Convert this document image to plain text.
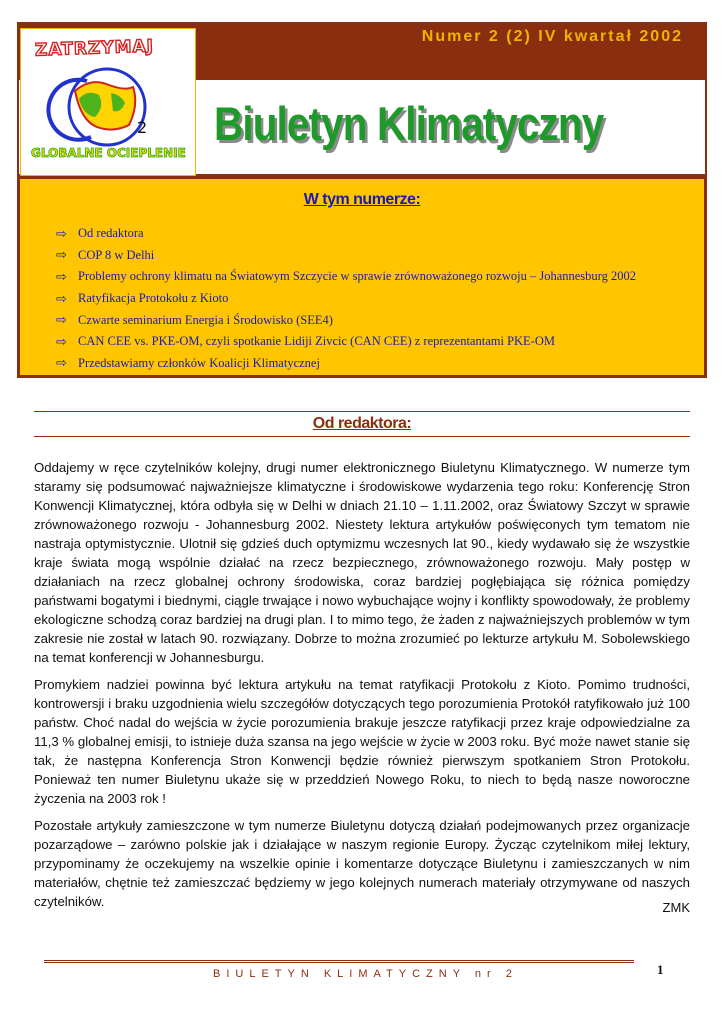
Numer 2 (2) IV kwartał 2002
ZATRZYMAJ
2
GLOBALNE OCIEPLENIE
Biuletyn Klimatyczny
W tym numerze:
⇨ Od redaktora
⇨ COP 8 w Delhi
⇨ Problemy ochrony klimatu na Światowym Szczycie w sprawie zrównoważonego rozwoju – Johannesburg 2002
⇨ Ratyfikacja Protokołu z Kioto
⇨ Czwarte seminarium Energia i Środowisko (SEE4)
⇨ CAN CEE vs. PKE-OM, czyli spotkanie Lidiji Zivcic (CAN CEE) z reprezentantami PKE-OM
⇨ Przedstawiamy członków Koalicji Klimatycznej
Od redaktora:

Oddajemy w ręce czytelników kolejny, drugi numer elektronicznego Biuletynu Klimatycznego. W numerze tym staramy się podsumować najważniejsze klimatyczne i środowiskowe wydarzenia tego roku: Konferencję Stron Konwencji Klimatycznej, która odbyła się w Delhi w dniach 21.10 – 1.11.2002, oraz Światowy Szczyt w sprawie zrównoważonego rozwoju - Johannesburg 2002. Niestety lektura artykułów poświęconych tym tematom nie nastraja optymistycznie. Ulotnił się gdzieś duch optymizmu wczesnych lat 90., kiedy wydawało się że wszystkie kraje świata mogą wspólnie działać na rzecz bezpiecznego, zrównoważonego rozwoju. Mały postęp w działaniach na rzecz globalnej ochrony środowiska, coraz bardziej pogłębiająca się różnica pomiędzy państwami bogatymi i biednymi, ciągle trwające i nowo wybuchające wojny i konflikty spowodowały, że problemy ekologiczne schodzą coraz bardziej na drugi plan. I to mimo tego, że żaden z najważniejszych problemów w tym zakresie nie został w latach 90. rozwiązany. Dobrze to można zrozumieć po lekturze artykułu M. Sobolewskiego na temat konferencji w Johannesburgu.

Promykiem nadziei powinna być lektura artykułu na temat ratyfikacji Protokołu z Kioto. Pomimo trudności, kontrowersji i braku uzgodnienia wielu szczegółów dotyczących tego porozumienia Protokół ratyfikowało już 100 państw. Choć nadal do wejścia w życie porozumienia brakuje jeszcze ratyfikacji przez kraje odpowiedzialne za 11,3 % globalnej emisji, to istnieje duża szansa na jego wejście w życie w 2003 roku. Być może nawet stanie się tak, że następna Konferencja Stron Konwencji będzie również pierwszym spotkaniem Stron Protokołu. Ponieważ ten numer Biuletynu ukaże się w przeddzień Nowego Roku, to niech to będą nasze noworoczne życzenia na 2003 rok !

Pozostałe artykuły zamieszczone w tym numerze Biuletynu dotyczą działań podejmowanych przez organizacje pozarządowe – zarówno polskie jak i działające w naszym regionie Europy. Życząc czytelnikom miłej lektury, przypominamy że oczekujemy na wszelkie opinie i komentarze dotyczące Biuletynu i zamieszczanych w nim materiałów, chętnie też zamieszczać będziemy w jego kolejnych numerach materiały otrzymywane od naszych czytelników.	ZMK
BIULETYN KLIMATYCZNY nr 2	1
